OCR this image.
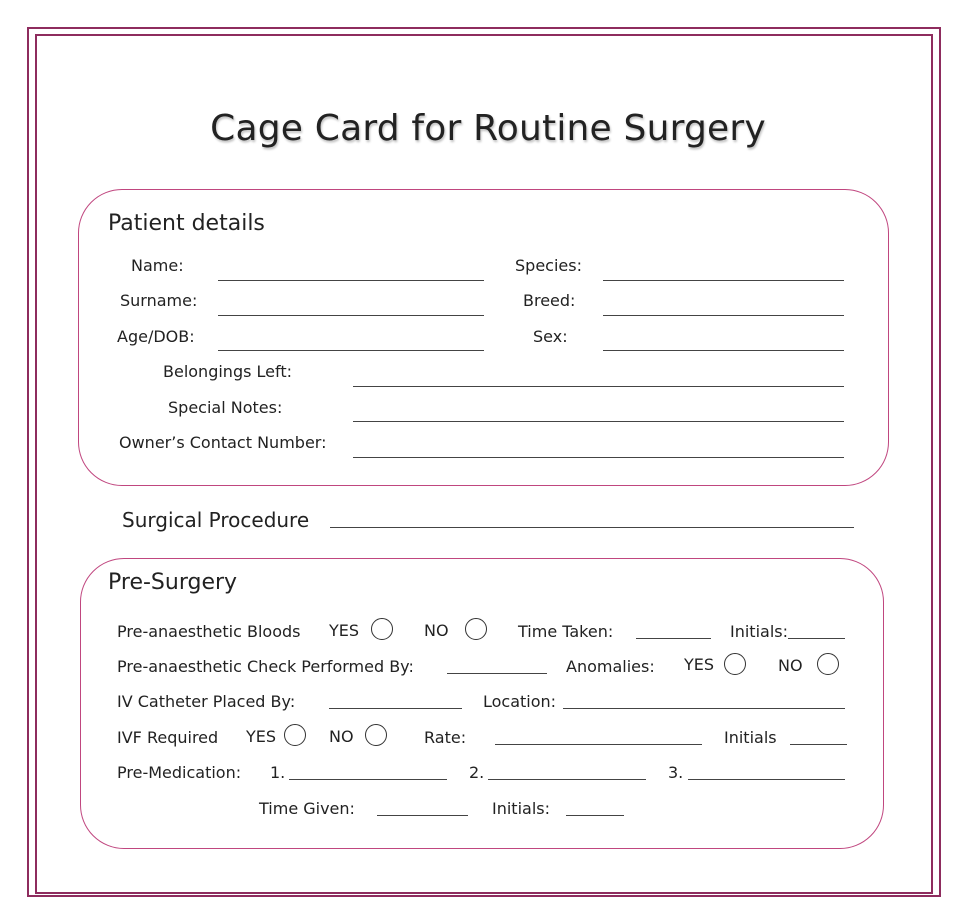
Cage Card for Routine Surgery
Patient details
Name:	Species:
Surname:	Breed:
Age/DOB:	Sex:
Belongings Left:
Special Notes:
Owner’s Contact Number:
Surgical Procedure
Pre-Surgery
Pre-anaesthetic Bloods YES	NO	Time Taken:	Initials:
Pre-anaesthetic Check Performed By:	Anomalies: YES	NO
IV Catheter Placed By:	Location:
IVF Required YES	NO	Rate:	Initials
Pre-Medication: 1.	2.	3.
Time Given:	Initials:
